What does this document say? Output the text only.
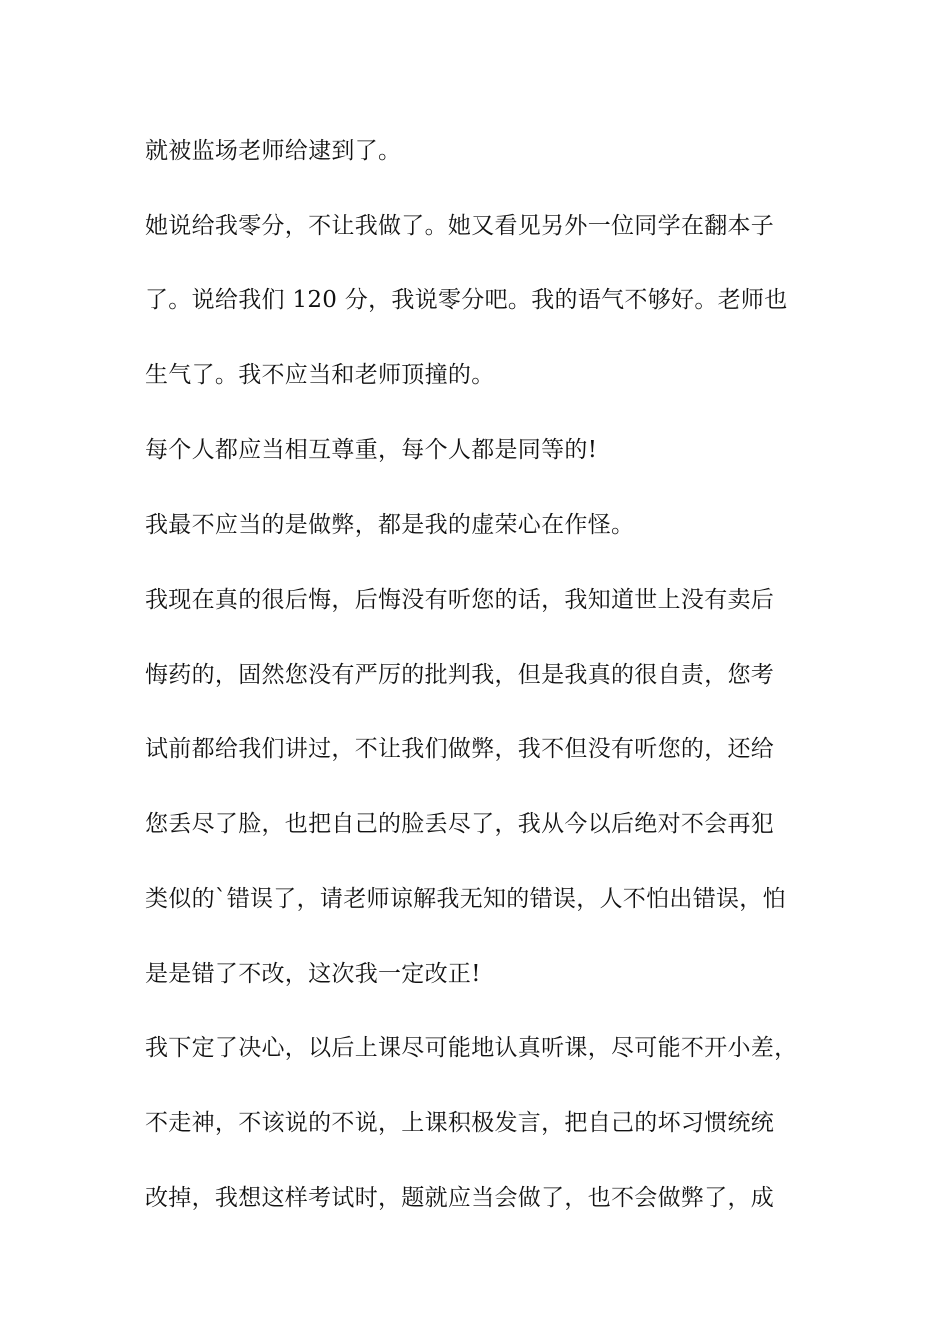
就被监场老师给逮到了。
她说给我零分，不让我做了。她又看见另外一位同学在翻本子
了。说给我们 120 分，我说零分吧。我的语气不够好。老师也
生气了。我不应当和老师顶撞的。
每个人都应当相互尊重，每个人都是同等的!
我最不应当的是做弊，都是我的虚荣心在作怪。
我现在真的很后悔，后悔没有听您的话，我知道世上没有卖后
悔药的，固然您没有严厉的批判我，但是我真的很自责，您考
试前都给我们讲过，不让我们做弊，我不但没有听您的，还给
您丢尽了脸，也把自己的脸丢尽了，我从今以后绝对不会再犯
类似的`错误了，请老师谅解我无知的错误，人不怕出错误，怕
是是错了不改，这次我一定改正!
我下定了决心，以后上课尽可能地认真听课，尽可能不开小差，
不走神，不该说的不说，上课积极发言，把自己的坏习惯统统
改掉，我想这样考试时，题就应当会做了，也不会做弊了，成
